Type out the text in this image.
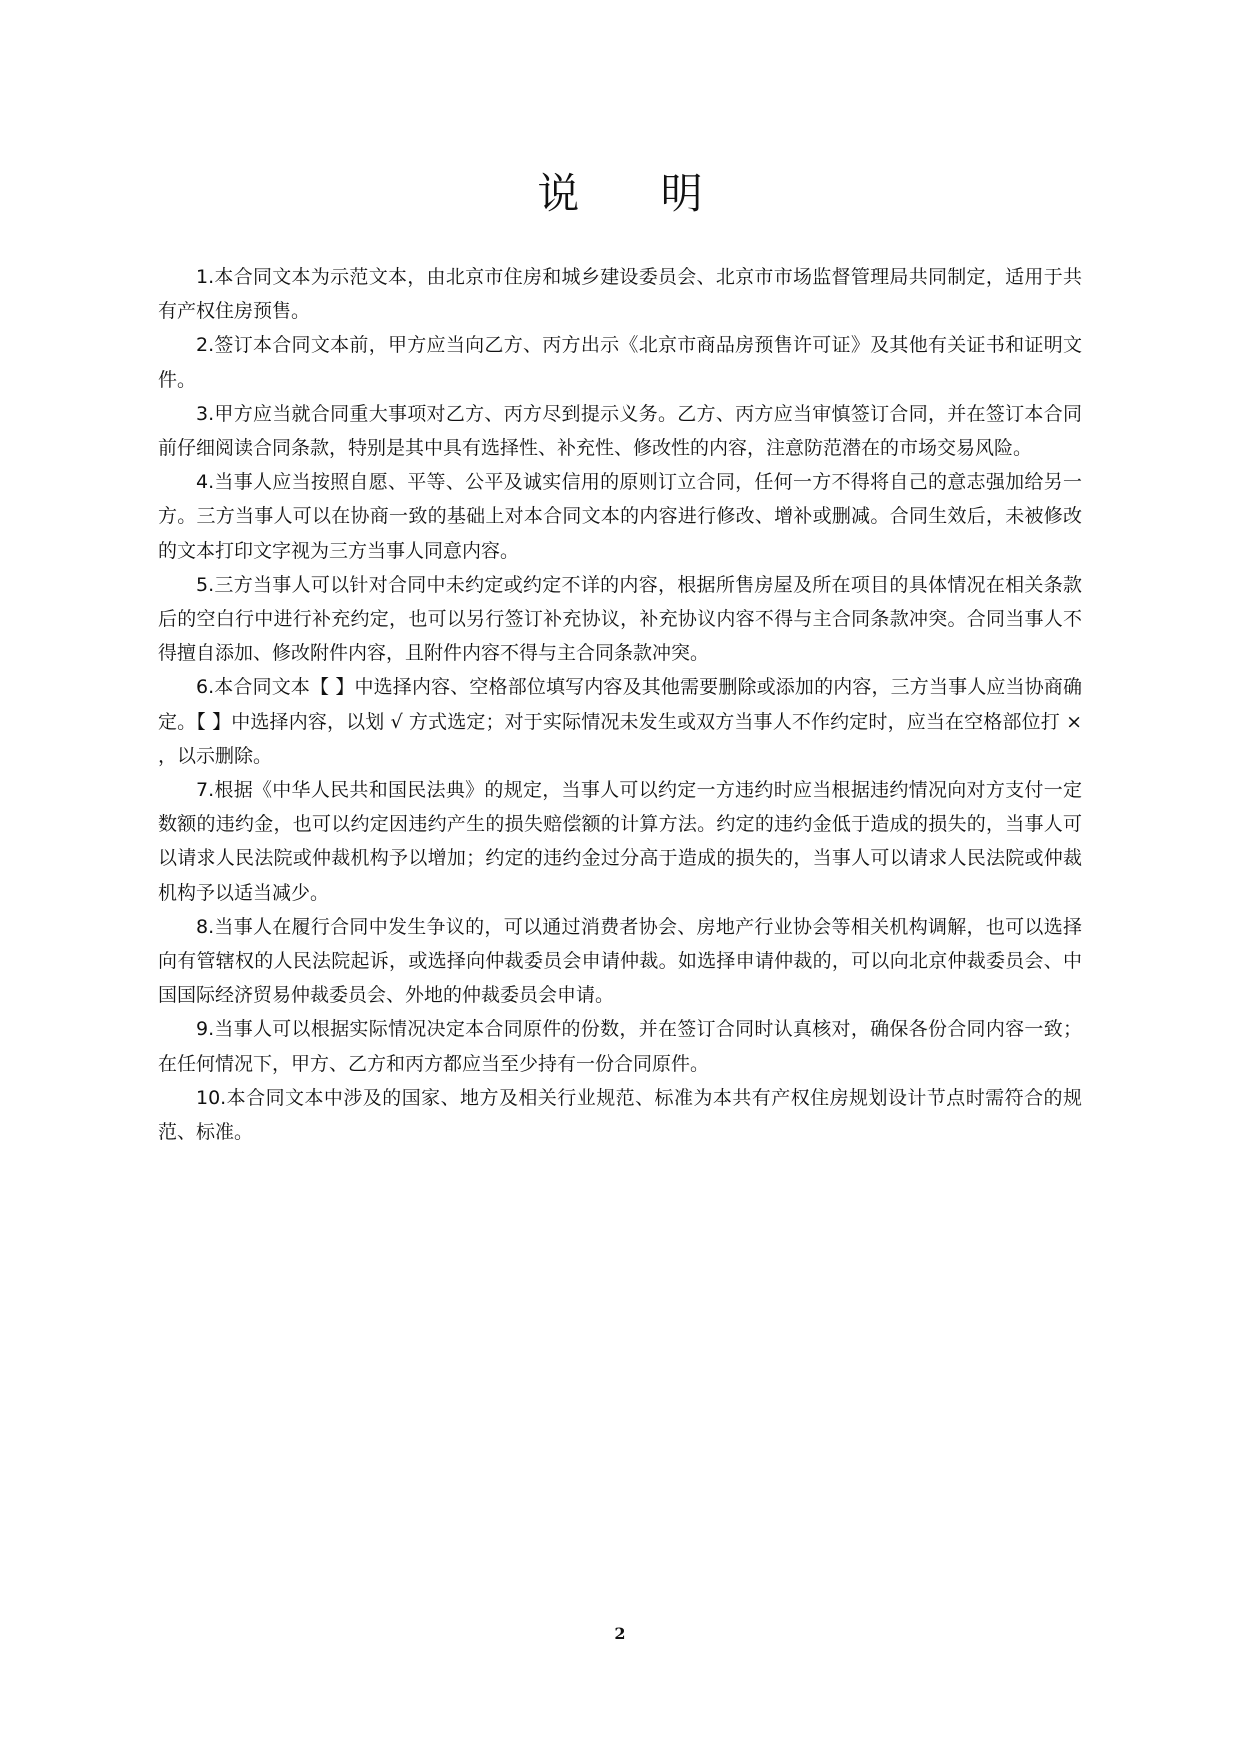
说 明

1.本合同文本为示范文本，由北京市住房和城乡建设委员会、北京市市场监督管理局共同制定，适用于共有产权住房预售。

2.签订本合同文本前，甲方应当向乙方、丙方出示《北京市商品房预售许可证》及其他有关证书和证明文件。

3.甲方应当就合同重大事项对乙方、丙方尽到提示义务。乙方、丙方应当审慎签订合同，并在签订本合同前仔细阅读合同条款，特别是其中具有选择性、补充性、修改性的内容，注意防范潜在的市场交易风险。

4.当事人应当按照自愿、平等、公平及诚实信用的原则订立合同，任何一方不得将自己的意志强加给另一方。三方当事人可以在协商一致的基础上对本合同文本的内容进行修改、增补或删减。合同生效后，未被修改的文本打印文字视为三方当事人同意内容。

5.三方当事人可以针对合同中未约定或约定不详的内容，根据所售房屋及所在项目的具体情况在相关条款后的空白行中进行补充约定，也可以另行签订补充协议，补充协议内容不得与主合同条款冲突。合同当事人不得擅自添加、修改附件内容，且附件内容不得与主合同条款冲突。

6.本合同文本【 】中选择内容、空格部位填写内容及其他需要删除或添加的内容，三方当事人应当协商确定。【 】中选择内容，以划 √ 方式选定；对于实际情况未发生或双方当事人不作约定时，应当在空格部位打 × ，以示删除。

7.根据《中华人民共和国民法典》的规定，当事人可以约定一方违约时应当根据违约情况向对方支付一定数额的违约金，也可以约定因违约产生的损失赔偿额的计算方法。约定的违约金低于造成的损失的，当事人可以请求人民法院或仲裁机构予以增加；约定的违约金过分高于造成的损失的，当事人可以请求人民法院或仲裁机构予以适当减少。

8.当事人在履行合同中发生争议的，可以通过消费者协会、房地产行业协会等相关机构调解，也可以选择向有管辖权的人民法院起诉，或选择向仲裁委员会申请仲裁。如选择申请仲裁的，可以向北京仲裁委员会、中国国际经济贸易仲裁委员会、外地的仲裁委员会申请。

9.当事人可以根据实际情况决定本合同原件的份数，并在签订合同时认真核对，确保各份合同内容一致；在任何情况下，甲方、乙方和丙方都应当至少持有一份合同原件。

10.本合同文本中涉及的国家、地方及相关行业规范、标准为本共有产权住房规划设计节点时需符合的规范、标准。

2
